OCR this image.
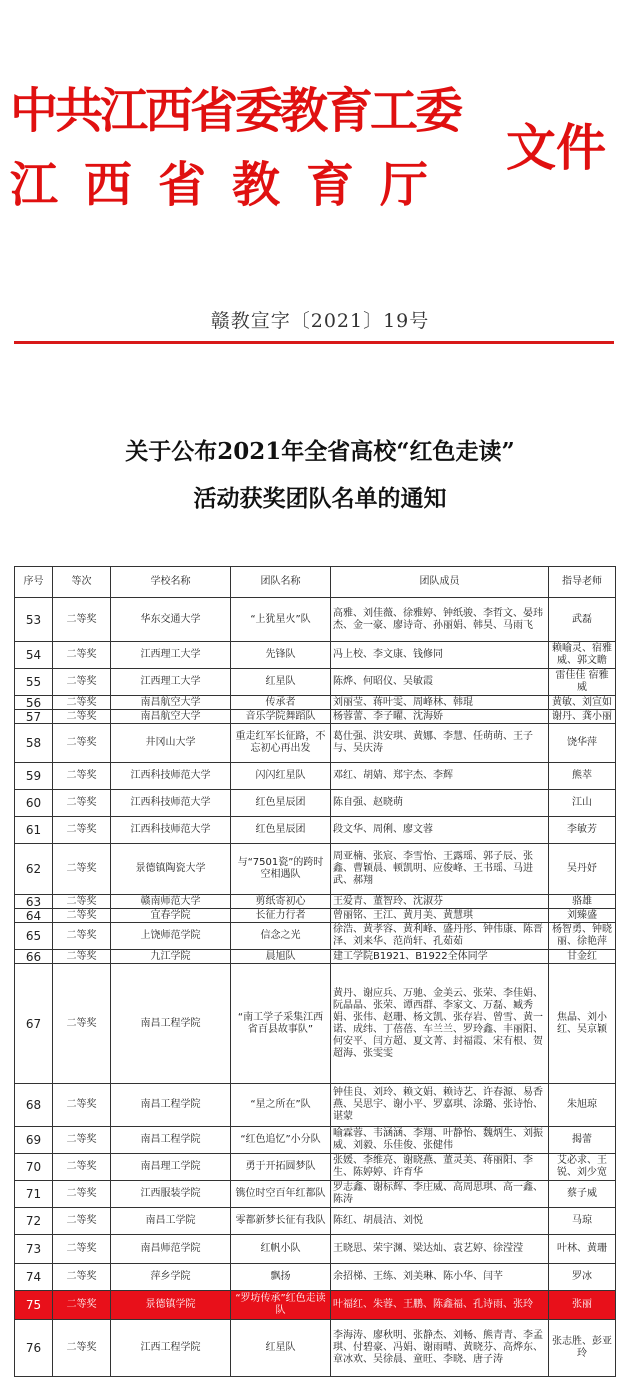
中共江西省委教育工委
江西省教育厅
文件
赣教宣字〔2021〕19号
关于公布2021年全省高校“红色走读”
活动获奖团队名单的通知
序号	等次	学校名称	团队名称	团队成员	指导老师
53	二等奖	华东交通大学	“上犹星火”队	高雅、刘佳薇、徐雅婷、钟纸骏、李哲文、晏玮杰、金一豪、廖诗奇、孙丽娟、韩昊、马雨飞	武磊
54	二等奖	江西理工大学	先锋队	冯上校、李文康、钱修同	赖喻灵、宿雅威、郭文瞻
55	二等奖	江西理工大学	红星队	陈烨、何昭仪、吴敏霞	雷佳佳 宿雅威
56	二等奖	南昌航空大学	传承者	刘丽莹、蒋叶雯、周峰林、韩琨	黄敏、刘宣如
57	二等奖	南昌航空大学	音乐学院舞蹈队	杨蓉蕾、李子曜、沈海娇	谢丹、龚小丽
58	二等奖	井冈山大学	重走红军长征路，不忘初心再出发	葛仕强、洪安琪、黄娜、李慧、任萌萌、王子与、吴庆涛	饶华萍
59	二等奖	江西科技师范大学	闪闪红星队	邓红、胡婧、郑宇杰、李辉	熊萃
60	二等奖	江西科技师范大学	红色星辰团	陈自强、赵晓萌	江山
61	二等奖	江西科技师范大学	红色星辰团	段文华、周俐、廖文蓉	李敏芳
62	二等奖	景德镇陶瓷大学	与“7501瓷”的跨时空相遇队	周亚楠、张宸、李雪怡、王露瑶、郭子辰、张鑫、曹颖晨、顿凯明、应俊峰、王书瑶、马进武、郝翔	吴丹妤
63	二等奖	赣南师范大学	剪纸寄初心	王爱青、董智玲、沈淑芬	骆雄
64	二等奖	宜春学院	长征力行者	曾丽铭、王江、黄月美、黄慧琪	刘臻盛
65	二等奖	上饶师范学院	信念之光	徐浩、黄孝容、黄利峰、盛丹彤、钟伟康、陈晋泽、刘来华、范尚轩、孔茹茹	杨智勇、钟晓丽、徐艳萍
66	二等奖	九江学院	晨旭队	建工学院B1921、B1922全体同学	甘金红
67	二等奖	南昌工程学院	“南工学子采集江西省百县故事队”	黄丹、谢应兵、万驰、金美云、张荣、李佳娟、阮晶晶、张荣、谭西群、李家文、万磊、臧秀娟、张伟、赵珊、杨文凯、张存岩、曾雪、黄一诺、成纬、丁蓓蓓、车兰兰、罗玲鑫、丰丽阳、何安平、闫方超、夏文菁、封福霞、宋有根、贺超海、张雯雯	焦晶、刘小红、吴京颖
68	二等奖	南昌工程学院	“星之所在”队	钟佳良、刘玲、赖文娟、赖诗艺、许春源、易香燕、吴思宇、谢小平、罗嘉琪、涂璐、张诗怡、谌蒙	朱旭琼
69	二等奖	南昌工程学院	“红色追忆”小分队	喻霖蓉、韦涵涵、李翔、叶静怡、魏炳生、刘振威、刘毅、乐佳俊、张健伟	揭蕾
70	二等奖	南昌理工学院	勇于开拓圆梦队	张媛、李维亮、谢晓燕、董灵美、蒋丽阳、李生、陈婷婷、许育华	艾必求、王锐、刘少宽
71	二等奖	江西服装学院	镌位时空百年红都队	罗志鑫、谢标辉、李庄威、高周思琪、高一鑫、陈涛	蔡子威
72	二等奖	南昌工学院	零都新梦长征有我队	陈红、胡晨洁、刘悦	马琼
73	二等奖	南昌师范学院	红帆小队	王晓思、荣宇渊、梁达灿、袁艺婷、徐滢滢	叶林、黄珊
74	二等奖	萍乡学院	飘扬	余招梯、王练、刘美琳、陈小华、闫芊	罗冰
75	二等奖	景德镇学院	“罗坊传承”红色走读队	叶福红、朱蓉、王鹏、陈鑫福、孔诗雨、张玲	张丽
76	二等奖	江西工程学院	红星队	李海涛、廖秋明、张静杰、刘畅、熊青青、李孟琪、付碧豪、冯娟、谢雨晴、黄晓芬、高烨东、章冰欢、吴徐晨、童旺、李晓、唐子涛	张志胜、彭亚玲
